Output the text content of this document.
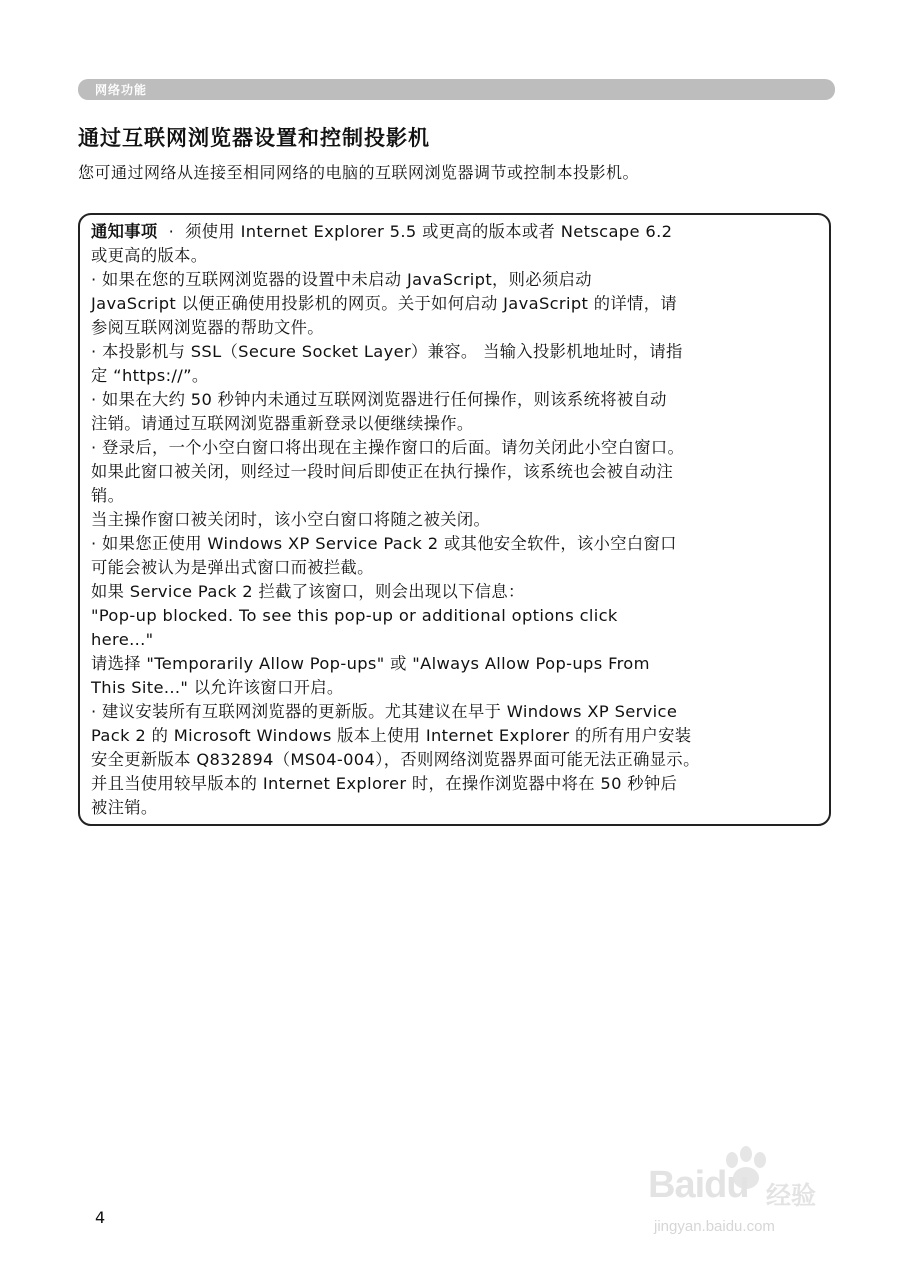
网络功能
通过互联网浏览器设置和控制投影机
您可通过网络从连接至相同网络的电脑的互联网浏览器调节或控制本投影机。
通知事项  ·  须使用 Internet Explorer 5.5 或更高的版本或者 Netscape 6.2
或更高的版本。
· 如果在您的互联网浏览器的设置中未启动 JavaScript，则必须启动
JavaScript 以便正确使用投影机的网页。关于如何启动 JavaScript 的详情，请
参阅互联网浏览器的帮助文件。
· 本投影机与 SSL（Secure Socket Layer）兼容。 当输入投影机地址时，请指
定 “https://”。
· 如果在大约 50 秒钟内未通过互联网浏览器进行任何操作，则该系统将被自动
注销。请通过互联网浏览器重新登录以便继续操作。
· 登录后，一个小空白窗口将出现在主操作窗口的后面。请勿关闭此小空白窗口。
如果此窗口被关闭，则经过一段时间后即使正在执行操作，该系统也会被自动注
销。
当主操作窗口被关闭时，该小空白窗口将随之被关闭。
· 如果您正使用 Windows XP Service Pack 2 或其他安全软件，该小空白窗口
可能会被认为是弹出式窗口而被拦截。
如果 Service Pack 2 拦截了该窗口，则会出现以下信息：
"Pop-up blocked. To see this pop-up or additional options click
here..."
请选择 "Temporarily Allow Pop-ups" 或 "Always Allow Pop-ups From
This Site..." 以允许该窗口开启。
· 建议安装所有互联网浏览器的更新版。尤其建议在早于 Windows XP Service
Pack 2 的 Microsoft Windows 版本上使用 Internet Explorer 的所有用户安装
安全更新版本 Q832894（MS04-004），否则网络浏览器界面可能无法正确显示。
并且当使用较早版本的 Internet Explorer 时，在操作浏览器中将在 50 秒钟后
被注销。
4
Baidu 经验
jingyan.baidu.com
